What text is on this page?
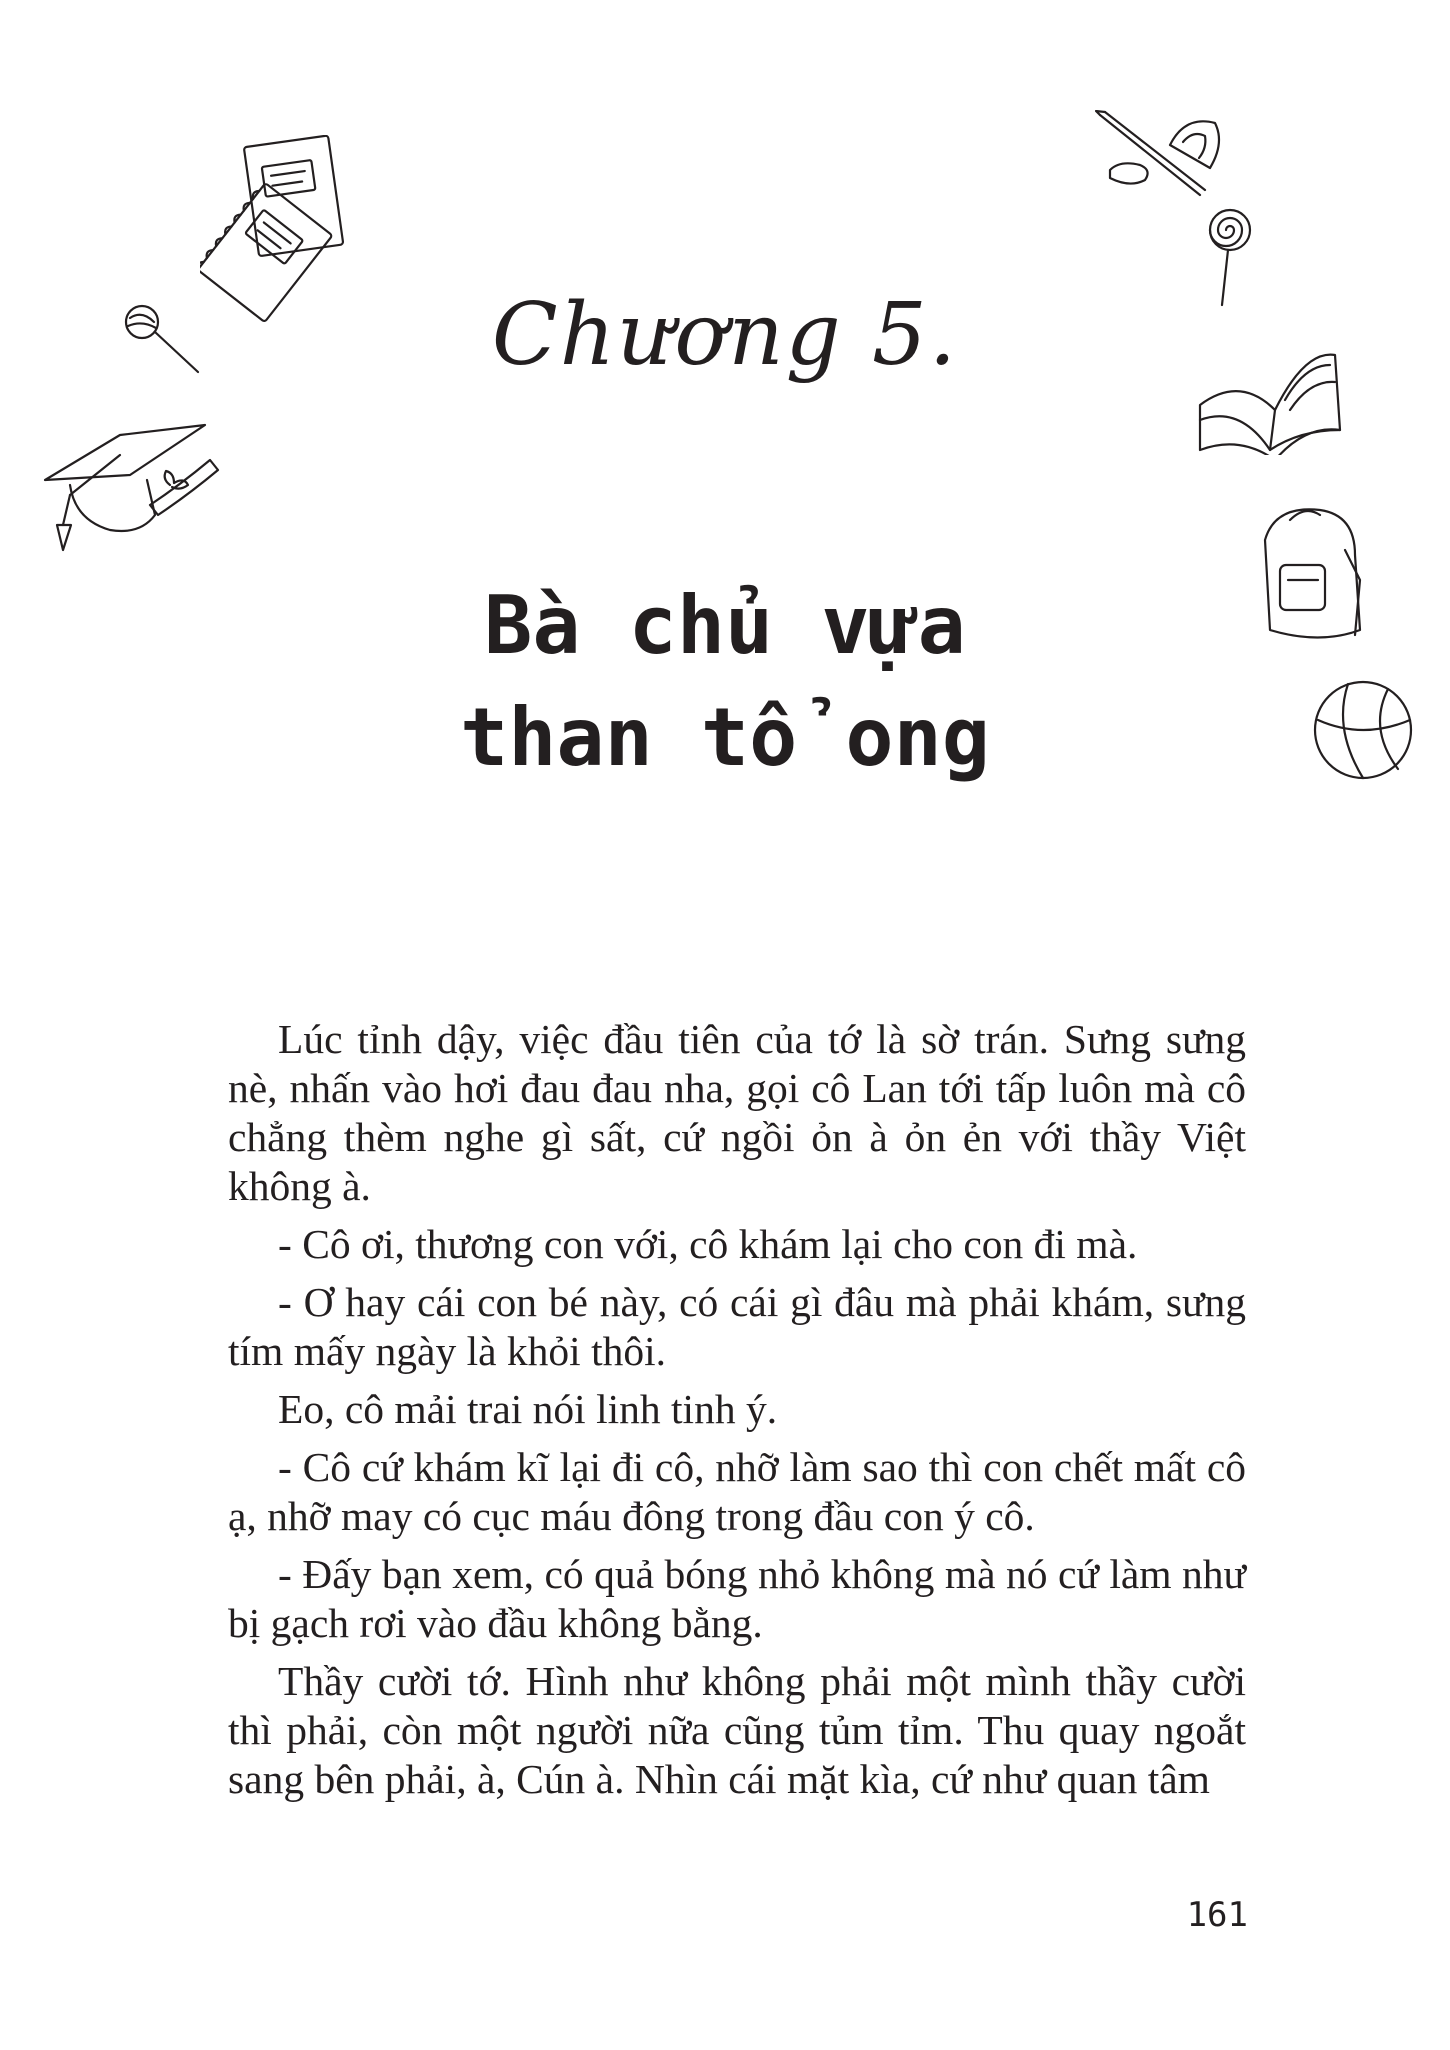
Chương 5.
Bà chủ vựa
than tổ ong

Lúc tỉnh dậy, việc đầu tiên của tớ là sờ trán. Sưng sưng nè, nhấn vào hơi đau đau nha, gọi cô Lan tới tấp luôn mà cô chẳng thèm nghe gì sất, cứ ngồi ỏn à ỏn ẻn với thầy Việt không à.

- Cô ơi, thương con với, cô khám lại cho con đi mà.

- Ơ hay cái con bé này, có cái gì đâu mà phải khám, sưng tím mấy ngày là khỏi thôi.

Eo, cô mải trai nói linh tinh ý.

- Cô cứ khám kĩ lại đi cô, nhỡ làm sao thì con chết mất cô ạ, nhỡ may có cục máu đông trong đầu con ý cô.

- Đấy bạn xem, có quả bóng nhỏ không mà nó cứ làm như bị gạch rơi vào đầu không bằng.

Thầy cười tớ. Hình như không phải một mình thầy cười thì phải, còn một người nữa cũng tủm tỉm. Thu quay ngoắt sang bên phải, à, Cún à. Nhìn cái mặt kìa, cứ như quan tâm

161
